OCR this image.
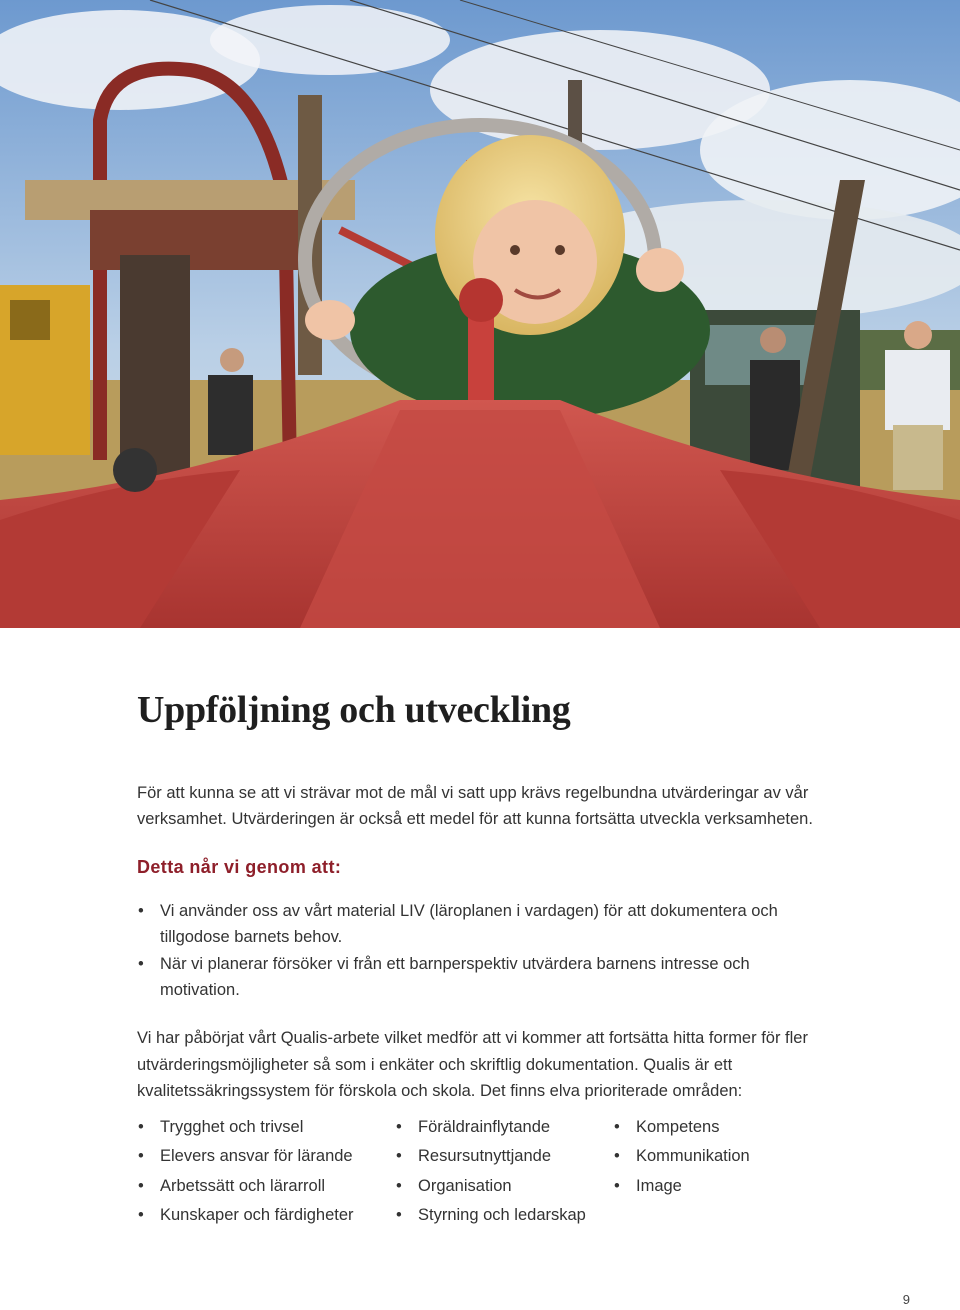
Uppföljning och utveckling

För att kunna se att vi strävar mot de mål vi satt upp krävs regelbundna utvärderingar av vår verksamhet. Utvärderingen är också ett medel för att kunna fortsätta utveckla verksamheten.

Detta når vi genom att:
• Vi använder oss av vårt material LIV (läroplanen i vardagen) för att dokumentera och tillgodose barnets behov.
• När vi planerar försöker vi från ett barnperspektiv utvärdera barnens intresse och motivation.

Vi har påbörjat vårt Qualis-arbete vilket medför att vi kommer att fortsätta hitta former för fler utvärderingsmöjligheter så som i enkäter och skriftlig dokumentation. Qualis är ett kvalitetssäkringssystem för förskola och skola. Det finns elva prioriterade områden:

• Trygghet och trivsel
• Elevers ansvar för lärande
• Arbetssätt och lärarroll
• Kunskaper och färdigheter
• Föräldrainflytande
• Resursutnyttjande
• Organisation
• Styrning och ledarskap
• Kompetens
• Kommunikation
• Image
9
